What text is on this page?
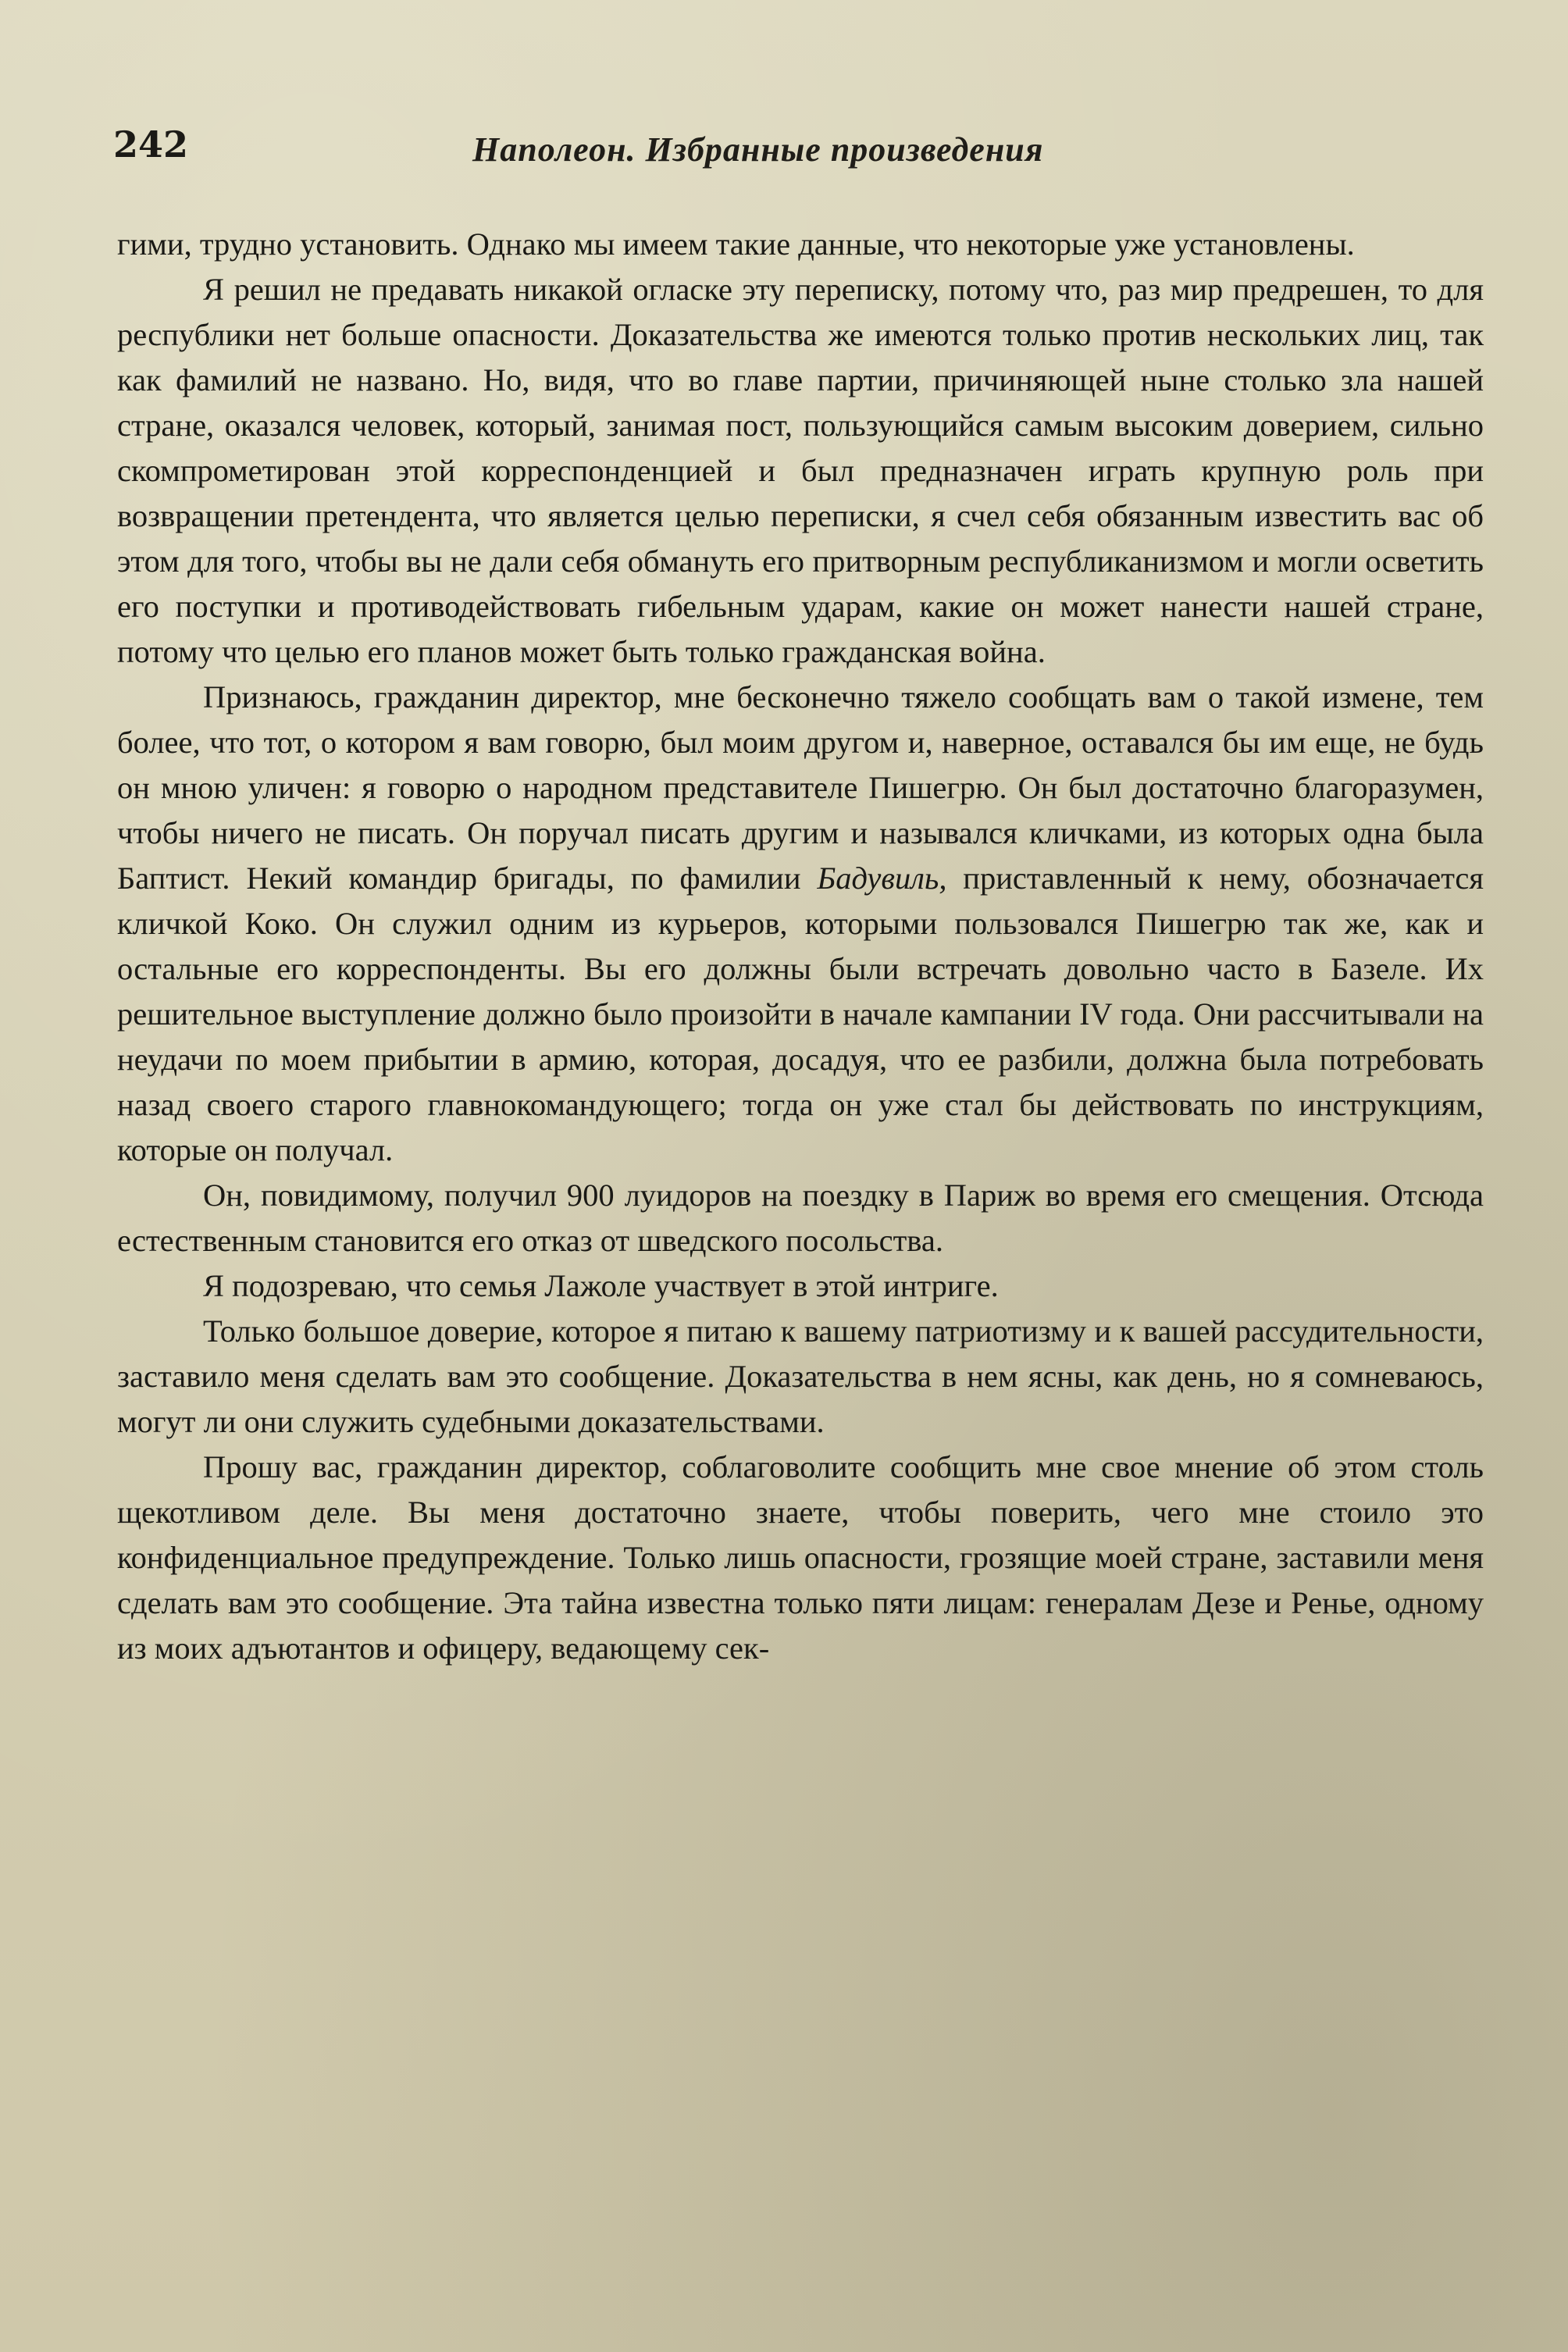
242	Наполеон. Избранные произведения

гими, трудно установить. Однако мы имеем такие данные, что некоторые уже установлены.

Я решил не предавать никакой огласке эту переписку, потому что, раз мир предрешен, то для республики нет больше опасности. Доказательства же имеются только против нескольких лиц, так как фамилий не названо. Но, видя, что во главе партии, причиняющей ныне столько зла нашей стране, оказался человек, который, занимая пост, пользующийся самым высоким доверием, сильно скомпрометирован этой корреспонденцией и был предназначен играть крупную роль при возвращении претендента, что является целью переписки, я счел себя обязанным известить вас об этом для того, чтобы вы не дали себя обмануть его притворным республиканизмом и могли осветить его поступки и противодействовать гибельным ударам, какие он может нанести нашей стране, потому что целью его планов может быть только гражданская война.

Признаюсь, гражданин директор, мне бесконечно тяжело сообщать вам о такой измене, тем более, что тот, о котором я вам говорю, был моим другом и, наверное, оставался бы им еще, не будь он мною уличен: я говорю о народном представителе Пишегрю. Он был достаточно благоразумен, чтобы ничего не писать. Он поручал писать другим и назывался кличками, из которых одна была Баптист. Некий командир бригады, по фамилии Бадувиль, приставленный к нему, обозначается кличкой Коко. Он служил одним из курьеров, которыми пользовался Пишегрю так же, как и остальные его корреспонденты. Вы его должны были встречать довольно часто в Базеле. Их решительное выступление должно было произойти в начале кампании IV года. Они рассчитывали на неудачи по моем прибытии в армию, которая, досадуя, что ее разбили, должна была потребовать назад своего старого главнокомандующего; тогда он уже стал бы действовать по инструкциям, которые он получал.

Он, повидимому, получил 900 луидоров на поездку в Париж во время его смещения. Отсюда естественным становится его отказ от шведского посольства.

Я подозреваю, что семья Лажоле участвует в этой интриге.

Только большое доверие, которое я питаю к вашему патриотизму и к вашей рассудительности, заставило меня сделать вам это сообщение. Доказательства в нем ясны, как день, но я сомневаюсь, могут ли они служить судебными доказательствами.

Прошу вас, гражданин директор, соблаговолите сообщить мне свое мнение об этом столь щекотливом деле. Вы меня достаточно знаете, чтобы поверить, чего мне стоило это конфиденциальное предупреждение. Только лишь опасности, грозящие моей стране, заставили меня сделать вам это сообщение. Эта тайна известна только пяти лицам: генералам Дезе и Ренье, одному из моих адъютантов и офицеру, ведающему сек-
